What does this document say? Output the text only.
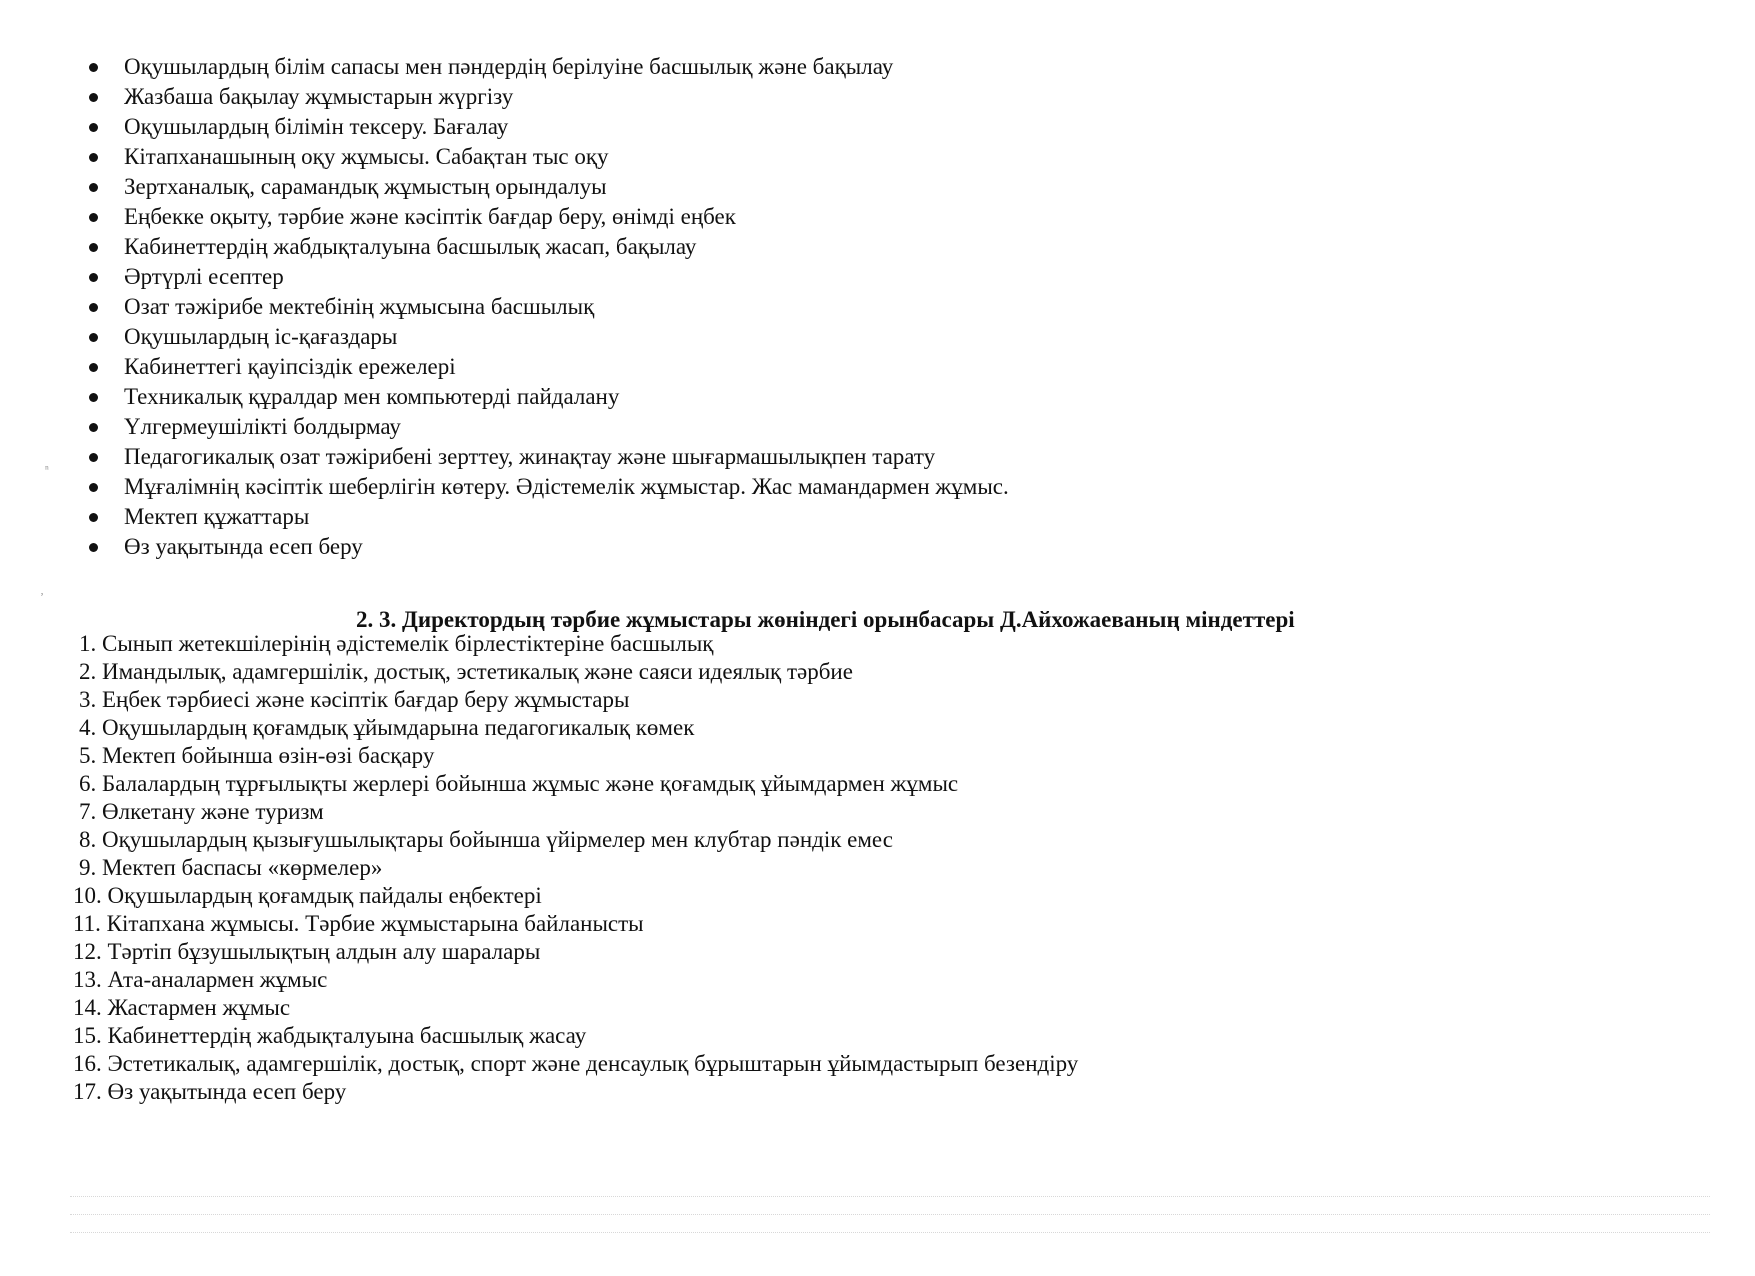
Оқушылардың білім сапасы мен пәндердің берілуіне басшылық және бақылау
Жазбаша бақылау жұмыстарын жүргізу
Оқушылардың білімін тексеру. Бағалау
Кітапханашының оқу жұмысы. Сабақтан тыс оқу
Зертханалық, сарамандық жұмыстың орындалуы
Еңбекке оқыту, тәрбие және кәсіптік бағдар беру, өнімді еңбек
Кабинеттердің жабдықталуына басшылық жасап, бақылау
Әртүрлі есептер
Озат тәжірибе мектебінің жұмысына басшылық
Оқушылардың іс-қағаздары
Кабинеттегі қауіпсіздік ережелері
Техникалық құралдар мен компьютерді пайдалану
Үлгермеушілікті болдырмау
Педагогикалық озат тәжірибені зерттеу, жинақтау және шығармашылықпен тарату
Мұғалімнің кәсіптік шеберлігін көтеру. Әдістемелік жұмыстар. Жас мамандармен жұмыс.
Мектеп құжаттары
Өз уақытында есеп беру
2. 3. Директордың тәрбие жұмыстары жөніндегі орынбасары Д.Айхожаеваның міндеттері
1. Сынып жетекшілерінің әдістемелік бірлестіктеріне басшылық
2. Имандылық, адамгершілік, достық, эстетикалық және саяси идеялық тәрбие
3. Еңбек тәрбиесі және кәсіптік бағдар беру жұмыстары
4. Оқушылардың қоғамдық ұйымдарына педагогикалық көмек
5. Мектеп бойынша өзін-өзі басқару
6. Балалардың тұрғылықты жерлері бойынша жұмыс және қоғамдық ұйымдармен жұмыс
7. Өлкетану және туризм
8. Оқушылардың қызығушылықтары бойынша үйірмелер мен клубтар пәндік емес
9. Мектеп баспасы «көрмелер»
10. Оқушылардың қоғамдық пайдалы еңбектері
11. Кітапхана жұмысы. Тәрбие жұмыстарына байланысты
12. Тәртіп бұзушылықтың алдын алу шаралары
13. Ата-аналармен жұмыс
14. Жастармен жұмыс
15. Кабинеттердің жабдықталуына басшылық жасау
16. Эстетикалық, адамгершілік, достық, спорт және денсаулық бұрыштарын ұйымдастырып безендіру
17. Өз уақытында есеп беру
ⁿ
ʼ
